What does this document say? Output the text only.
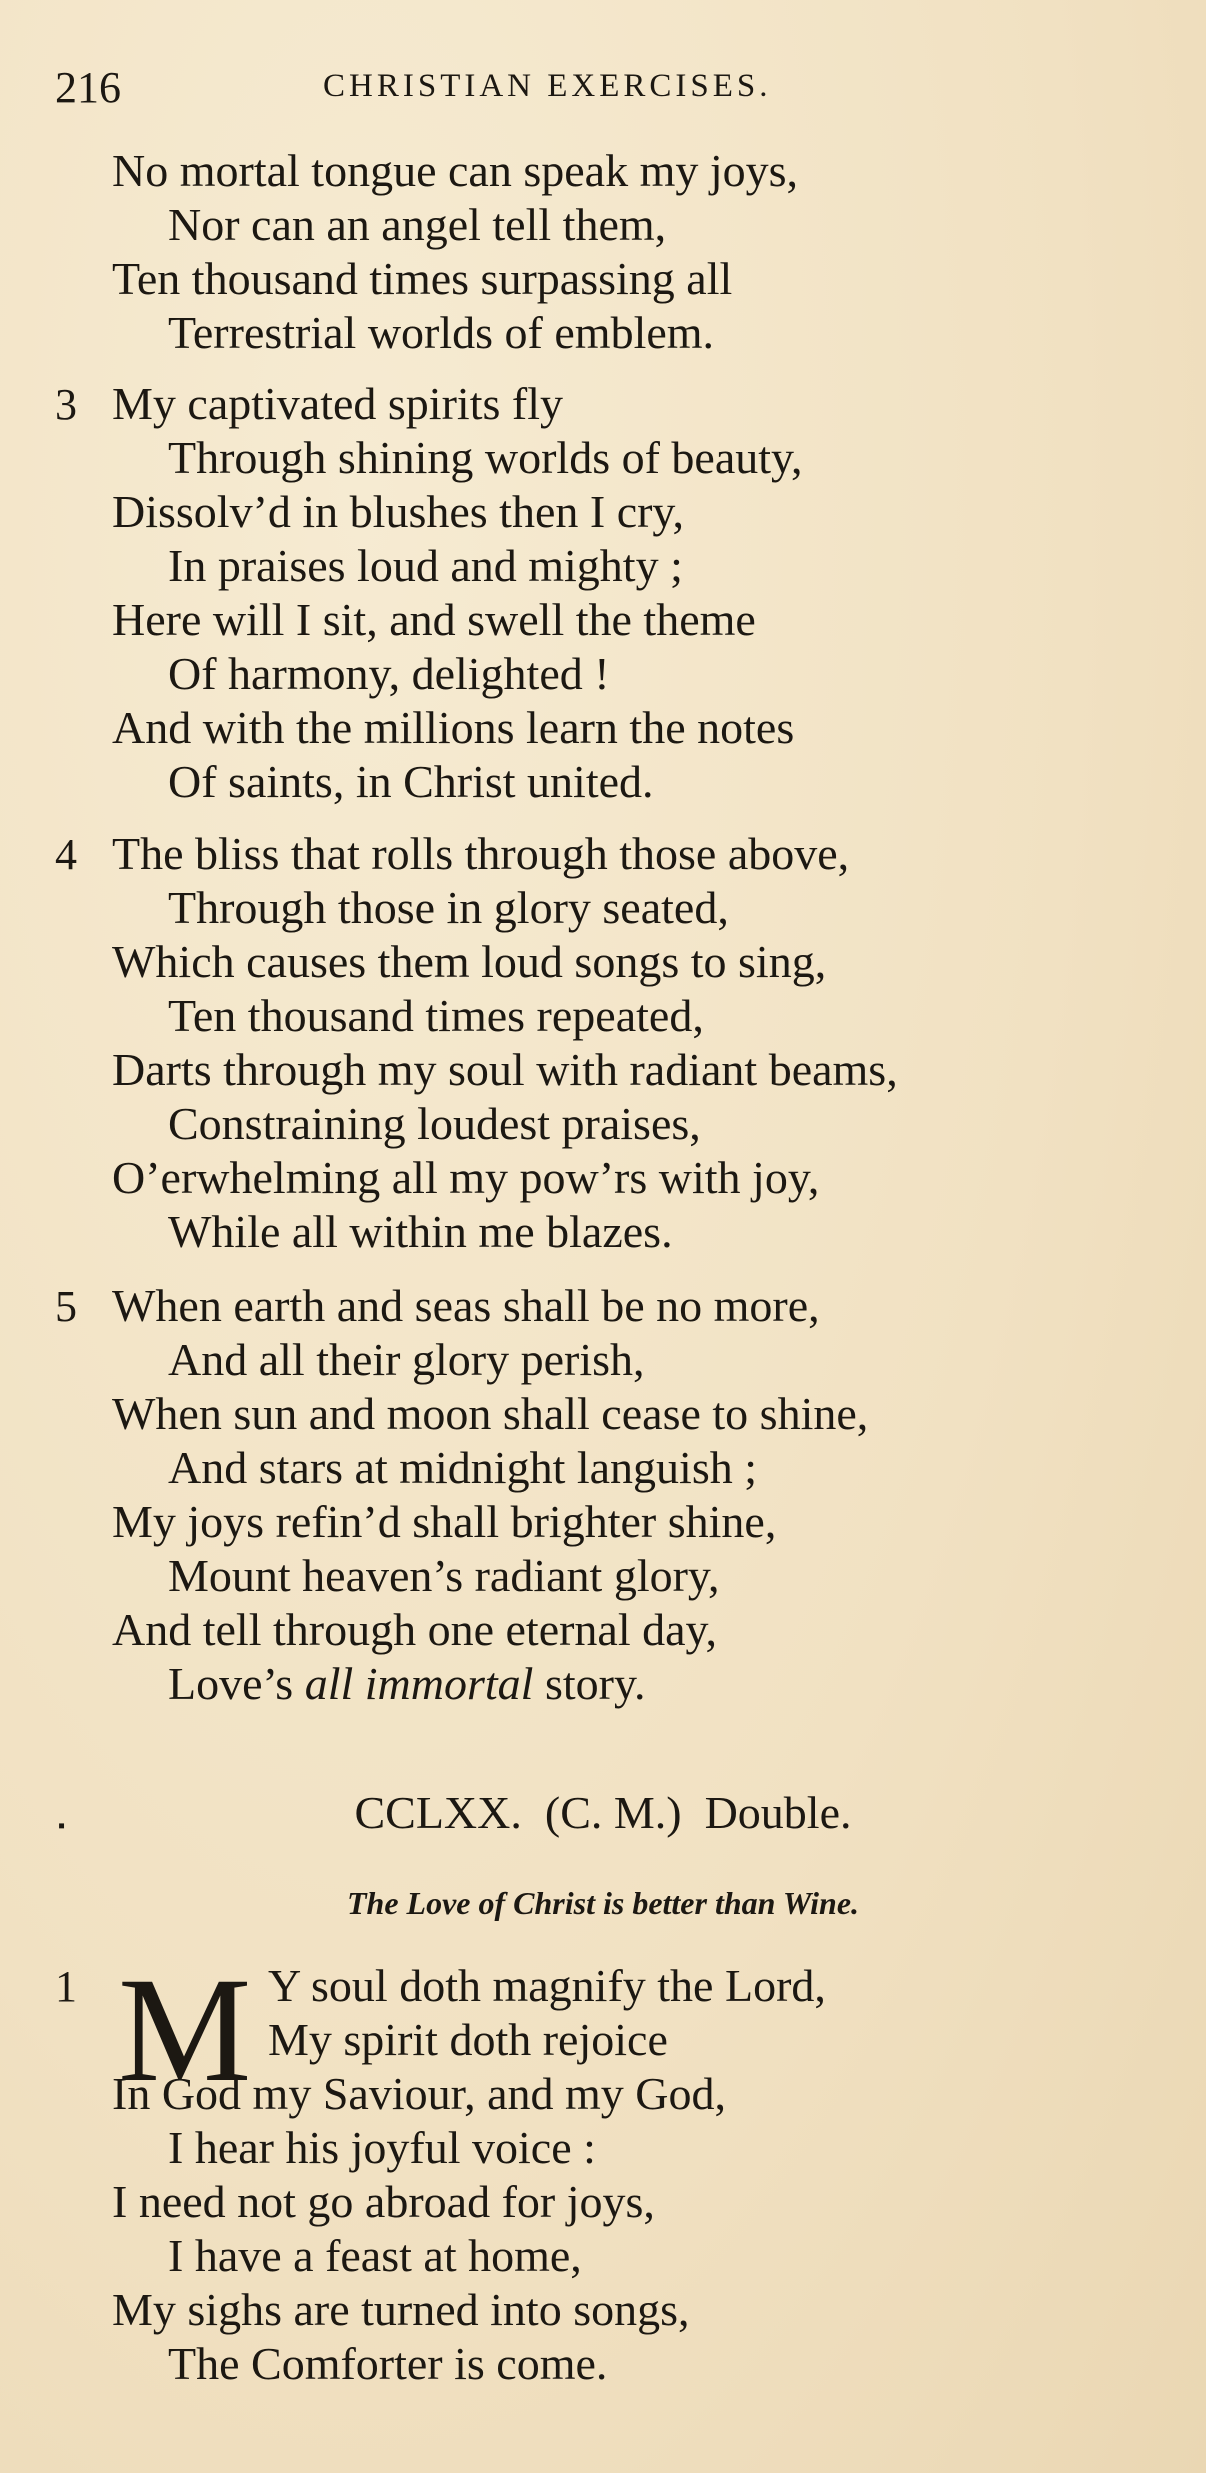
216	CHRISTIAN EXERCISES.
No mortal tongue can speak my joys,
Nor can an angel tell them,
Ten thousand times surpassing all
Terrestrial worlds of emblem.
3 My captivated spirits fly
Through shining worlds of beauty,
Dissolv’d in blushes then I cry,
In praises loud and mighty ;
Here will I sit, and swell the theme
Of harmony, delighted !
And with the millions learn the notes
Of saints, in Christ united.
4 The bliss that rolls through those above,
Through those in glory seated,
Which causes them loud songs to sing,
Ten thousand times repeated,
Darts through my soul with radiant beams,
Constraining loudest praises,
O’erwhelming all my pow’rs with joy,
While all within me blazes.
5 When earth and seas shall be no more,
And all their glory perish,
When sun and moon shall cease to shine,
And stars at midnight languish ;
My joys refin’d shall brighter shine,
Mount heaven’s radiant glory,
And tell through one eternal day,
Love’s all immortal story.
▪	CCLXX.  (C. M.)  Double.
The Love of Christ is better than Wine.
1 M Y soul doth magnify the Lord,
My spirit doth rejoice
In God my Saviour, and my God,
I hear his joyful voice :
I need not go abroad for joys,
I have a feast at home,
My sighs are turned into songs,
The Comforter is come.
